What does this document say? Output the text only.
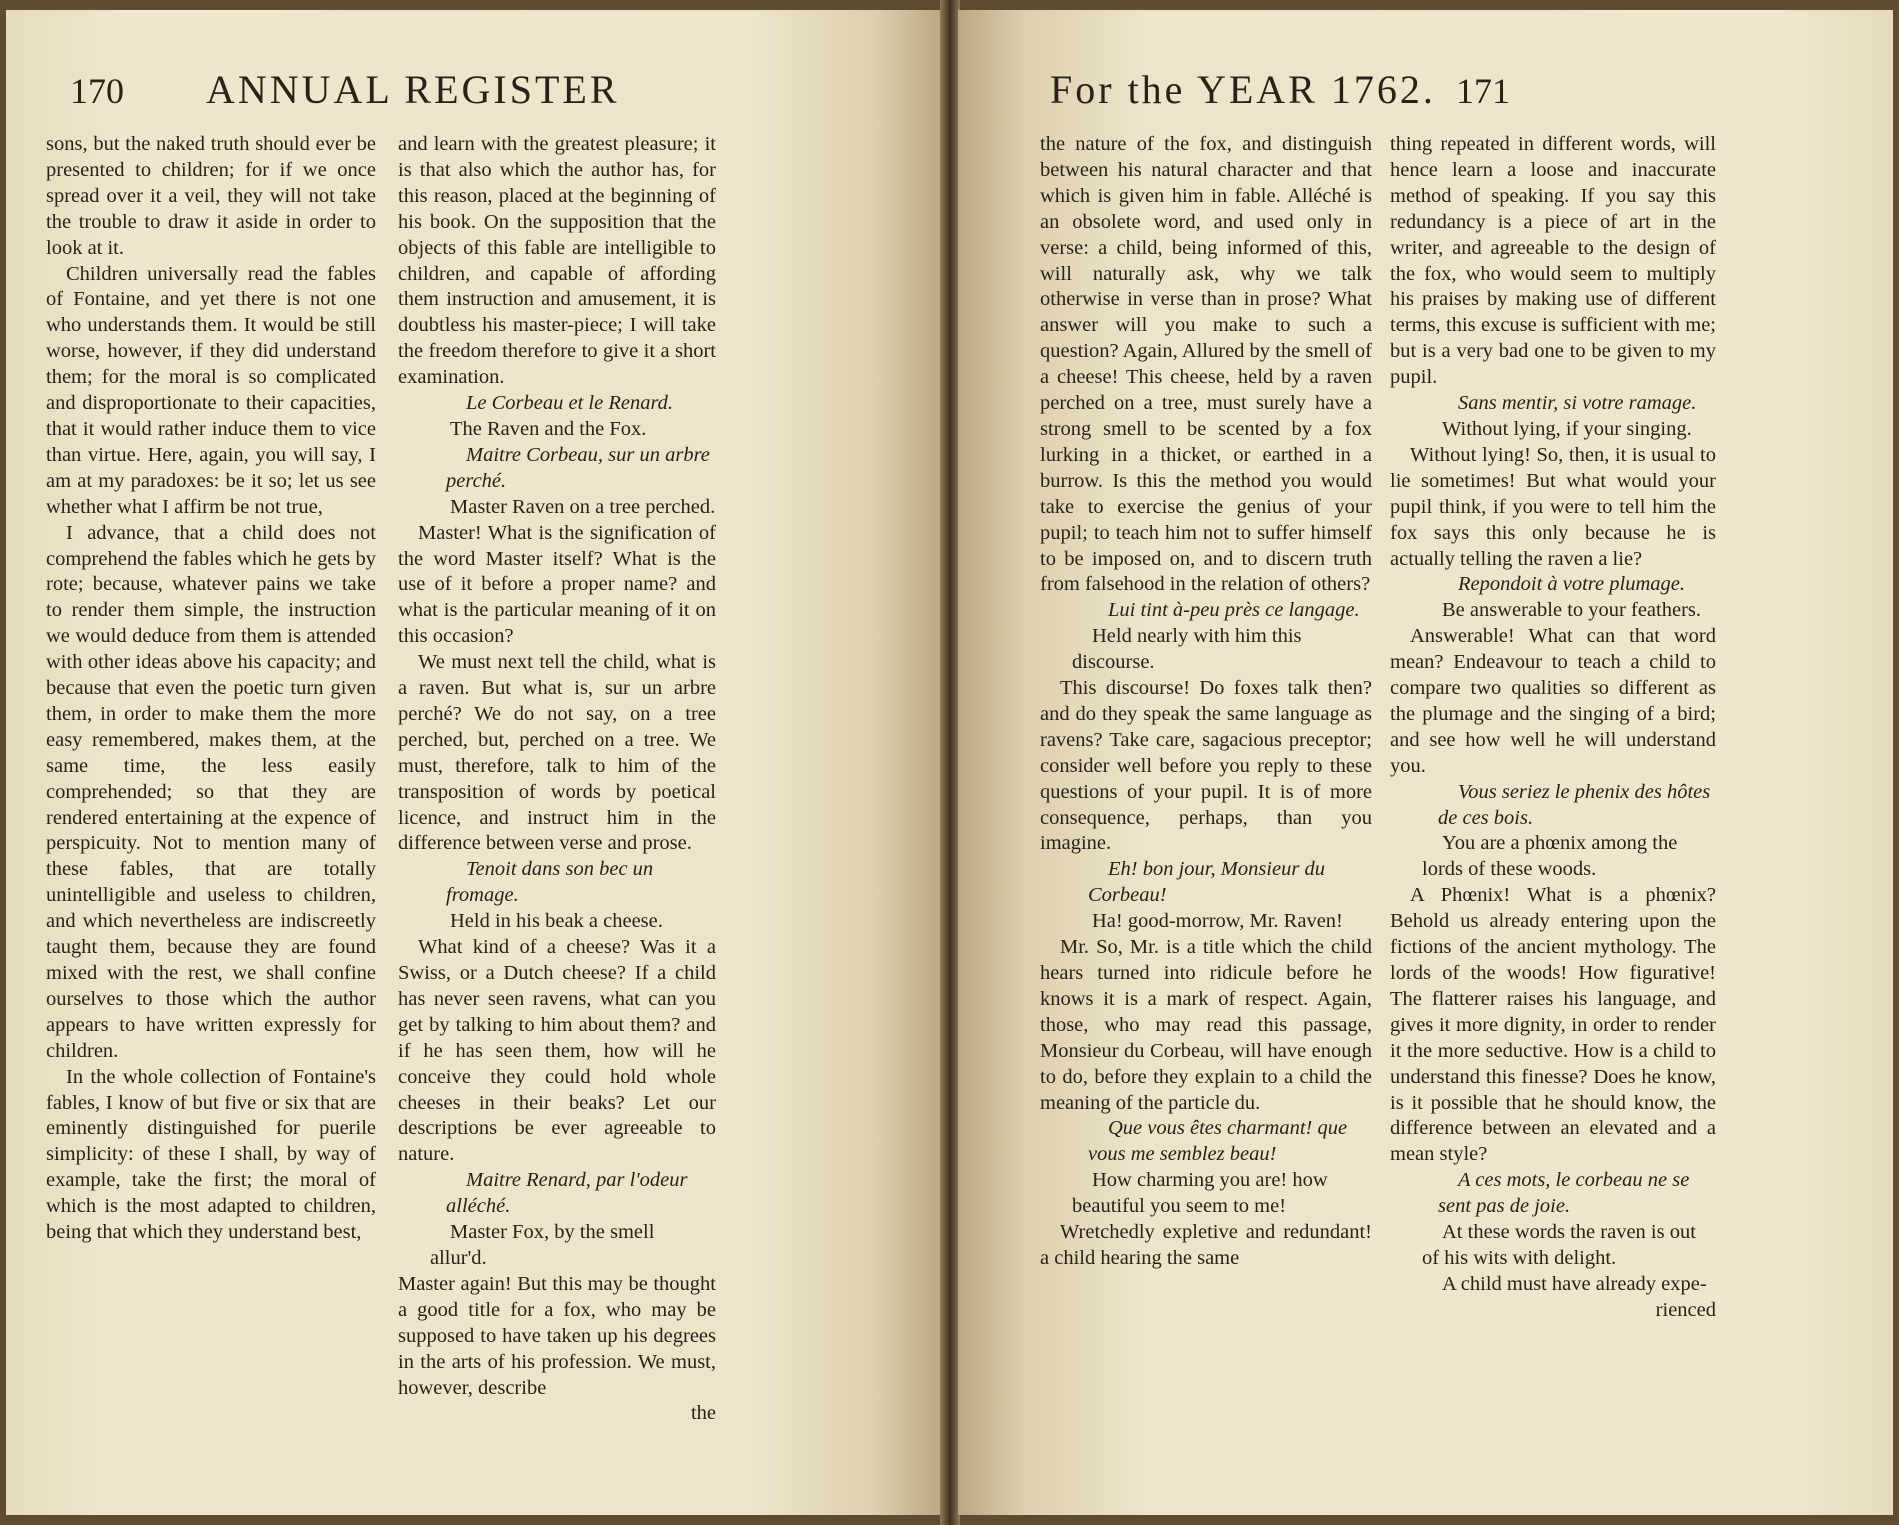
170 ANNUAL REGISTER

sons, but the naked truth should ever be presented to children; for if we once spread over it a veil, they will not take the trouble to draw it aside in order to look at it.

Children universally read the fables of Fontaine, and yet there is not one who understands them. It would be still worse, however, if they did understand them; for the moral is so complicated and disproportionate to their capacities, that it would rather induce them to vice than virtue. Here, again, you will say, I am at my paradoxes: be it so; let us see whether what I affirm be not true,

I advance, that a child does not comprehend the fables which he gets by rote; because, whatever pains we take to render them simple, the instruction we would deduce from them is attended with other ideas above his capacity; and because that even the poetic turn given them, in order to make them the more easy remembered, makes them, at the same time, the less easily comprehended; so that they are rendered entertaining at the expence of perspicuity. Not to mention many of these fables, that are totally unintelligible and useless to children, and which nevertheless are indiscreetly taught them, because they are found mixed with the rest, we shall confine ourselves to those which the author appears to have written expressly for children.

In the whole collection of Fontaine's fables, I know of but five or six that are eminently distinguished for puerile simplicity: of these I shall, by way of example, take the first; the moral of which is the most adapted to children, being that which they understand best,

and learn with the greatest pleasure; it is that also which the author has, for this reason, placed at the beginning of his book. On the supposition that the objects of this fable are intelligible to children, and capable of affording them instruction and amusement, it is doubtless his master-piece; I will take the freedom therefore to give it a short examination.

Le Corbeau et le Renard.

The Raven and the Fox.

Maitre Corbeau, sur un arbre perché.

Master Raven on a tree perched.

Master! What is the signification of the word Master itself? What is the use of it before a proper name? and what is the particular meaning of it on this occasion?

We must next tell the child, what is a raven. But what is, sur un arbre perché? We do not say, on a tree perched, but, perched on a tree. We must, therefore, talk to him of the transposition of words by poetical licence, and instruct him in the difference between verse and prose.

Tenoit dans son bec un fromage.

Held in his beak a cheese.

What kind of a cheese? Was it a Swiss, or a Dutch cheese? If a child has never seen ravens, what can you get by talking to him about them? and if he has seen them, how will he conceive they could hold whole cheeses in their beaks? Let our descriptions be ever agreeable to nature.

Maitre Renard, par l'odeur alléché.

Master Fox, by the smell allur'd.

Master again! But this may be thought a good title for a fox, who may be supposed to have taken up his degrees in the arts of his profession. We must, however, describe

the

For the YEAR 1762. 171

the nature of the fox, and distinguish between his natural character and that which is given him in fable. Alléché is an obsolete word, and used only in verse: a child, being informed of this, will naturally ask, why we talk otherwise in verse than in prose? What answer will you make to such a question? Again, Allured by the smell of a cheese! This cheese, held by a raven perched on a tree, must surely have a strong smell to be scented by a fox lurking in a thicket, or earthed in a burrow. Is this the method you would take to exercise the genius of your pupil; to teach him not to suffer himself to be imposed on, and to discern truth from falsehood in the relation of others?

Lui tint à-peu près ce langage.

Held nearly with him this discourse.

This discourse! Do foxes talk then? and do they speak the same language as ravens? Take care, sagacious preceptor; consider well before you reply to these questions of your pupil. It is of more consequence, perhaps, than you imagine.

Eh! bon jour, Monsieur du Corbeau!

Ha! good-morrow, Mr. Raven!

Mr. So, Mr. is a title which the child hears turned into ridicule before he knows it is a mark of respect. Again, those, who may read this passage, Monsieur du Corbeau, will have enough to do, before they explain to a child the meaning of the particle du.

Que vous êtes charmant! que vous me semblez beau!

How charming you are! how beautiful you seem to me!

Wretchedly expletive and redundant! a child hearing the same

thing repeated in different words, will hence learn a loose and inaccurate method of speaking. If you say this redundancy is a piece of art in the writer, and agreeable to the design of the fox, who would seem to multiply his praises by making use of different terms, this excuse is sufficient with me; but is a very bad one to be given to my pupil.

Sans mentir, si votre ramage.

Without lying, if your singing.

Without lying! So, then, it is usual to lie sometimes! But what would your pupil think, if you were to tell him the fox says this only because he is actually telling the raven a lie?

Repondoit à votre plumage.

Be answerable to your feathers.

Answerable! What can that word mean? Endeavour to teach a child to compare two qualities so different as the plumage and the singing of a bird; and see how well he will understand you.

Vous seriez le phenix des hôtes de ces bois.

You are a phœnix among the lords of these woods.

A Phœnix! What is a phœnix? Behold us already entering upon the fictions of the ancient mythology. The lords of the woods! How figurative! The flatterer raises his language, and gives it more dignity, in order to render it the more seductive. How is a child to understand this finesse? Does he know, is it possible that he should know, the difference between an elevated and a mean style?

A ces mots, le corbeau ne se sent pas de joie.

At these words the raven is out of his wits with delight.

A child must have already expe-

rienced
